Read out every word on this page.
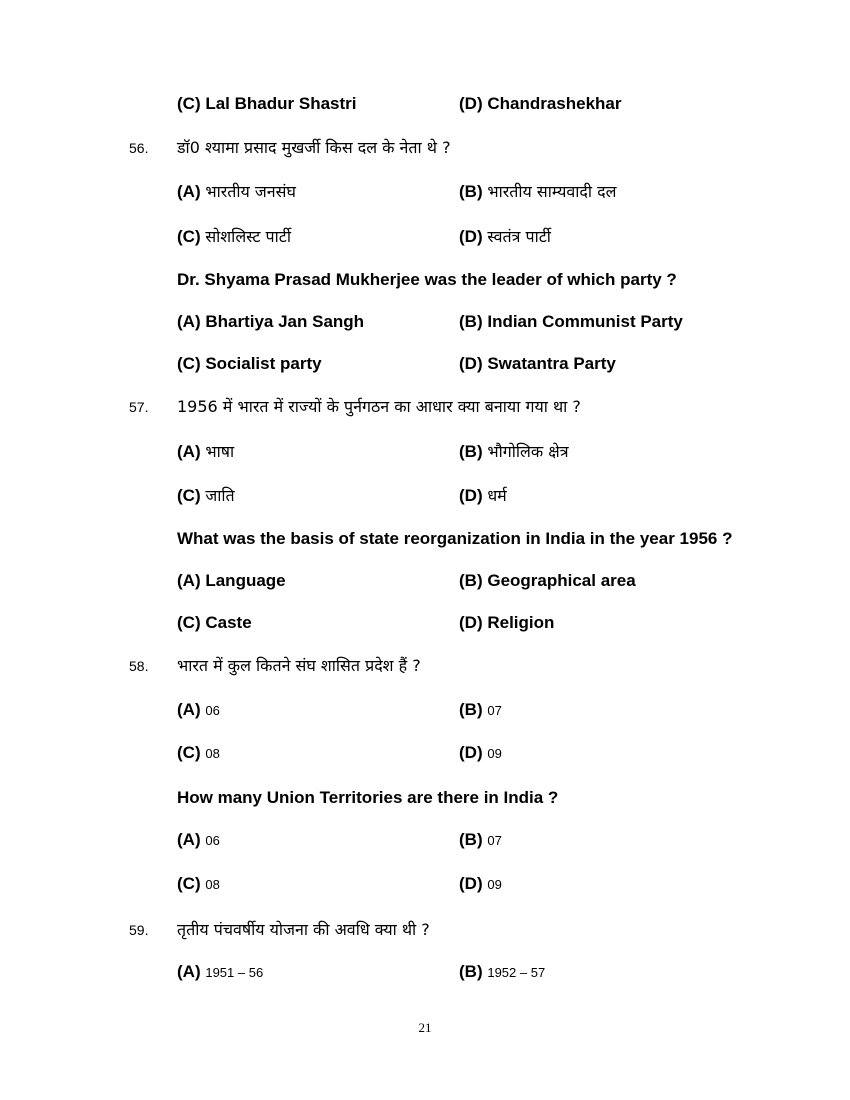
(C) Lal Bhadur Shastri	(D) Chandrashekhar
56. डॉ0 श्यामा प्रसाद मुखर्जी किस दल के नेता थे ?
(A) भारतीय जनसंघ	(B) भारतीय साम्यवादी दल
(C) सोशलिस्ट पार्टी	(D) स्वतंत्र पार्टी
Dr. Shyama Prasad Mukherjee was the leader of which party ?
(A) Bhartiya Jan Sangh	(B) Indian Communist Party
(C) Socialist party	(D) Swatantra Party
57. 1956 में भारत में राज्यों के पुर्नगठन का आधार क्या बनाया गया था ?
(A) भाषा	(B) भौगोलिक क्षेत्र
(C) जाति	(D) धर्म
What was the basis of state reorganization in India in the year 1956 ?
(A) Language	(B) Geographical area
(C) Caste	(D) Religion
58. भारत में कुल कितने संघ शासित प्रदेश हैं ?
(A) 06	(B) 07
(C) 08	(D) 09
How many Union Territories are there in India ?
(A) 06	(B) 07
(C) 08	(D) 09
59. तृतीय पंचवर्षीय योजना की अवधि क्या थी ?
(A) 1951 – 56	(B) 1952 – 57
21
